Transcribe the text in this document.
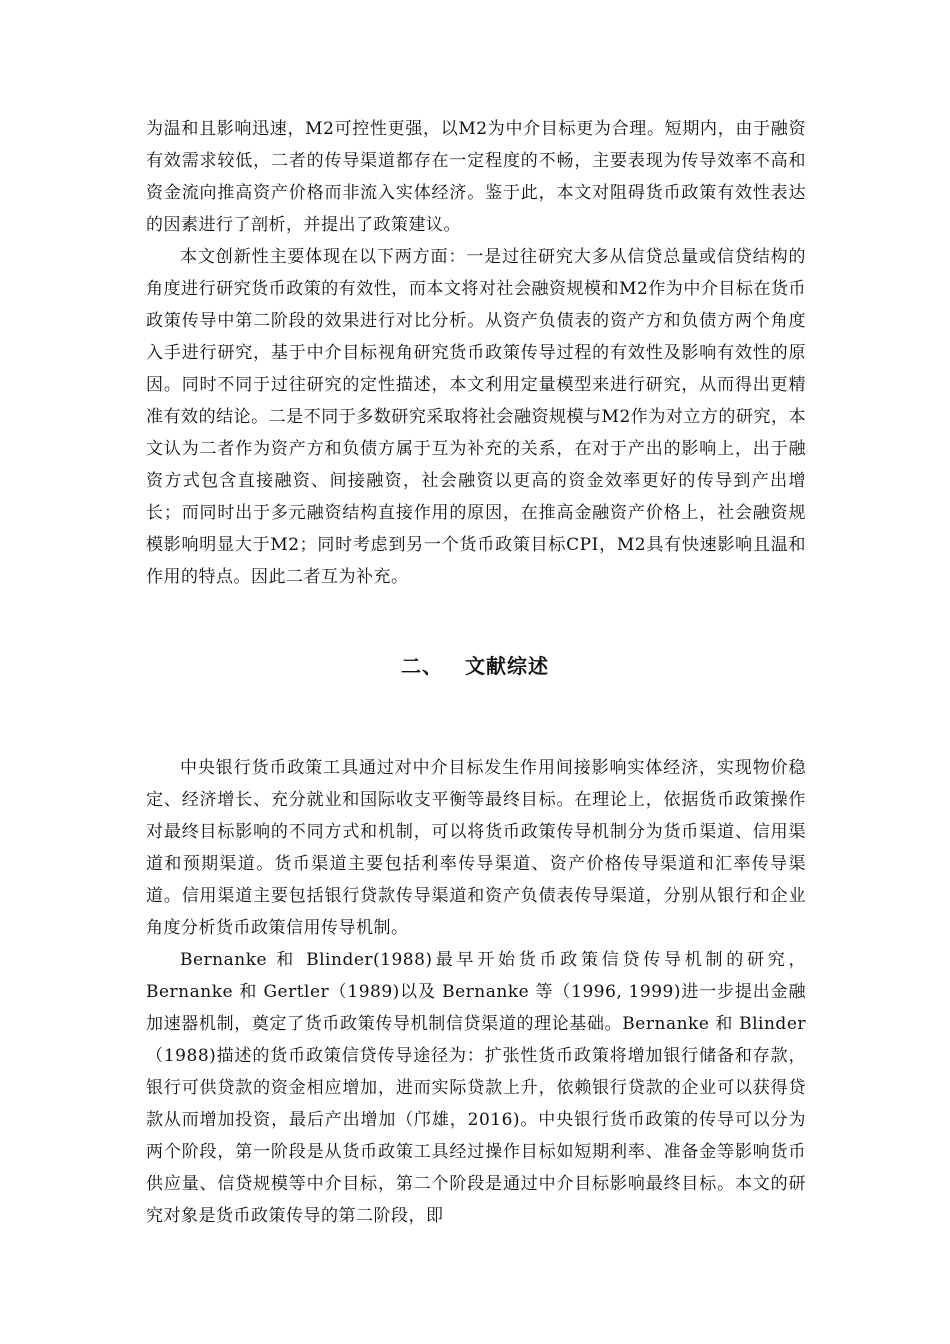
为温和且影响迅速，M2可控性更强，以M2为中介目标更为合理。短期内，由于融资有效需求较低，二者的传导渠道都存在一定程度的不畅，主要表现为传导效率不高和资金流向推高资产价格而非流入实体经济。鉴于此，本文对阻碍货币政策有效性表达的因素进行了剖析，并提出了政策建议。

本文创新性主要体现在以下两方面：一是过往研究大多从信贷总量或信贷结构的角度进行研究货币政策的有效性，而本文将对社会融资规模和M2作为中介目标在货币政策传导中第二阶段的效果进行对比分析。从资产负债表的资产方和负债方两个角度入手进行研究，基于中介目标视角研究货币政策传导过程的有效性及影响有效性的原因。同时不同于过往研究的定性描述，本文利用定量模型来进行研究，从而得出更精准有效的结论。二是不同于多数研究采取将社会融资规模与M2作为对立方的研究，本文认为二者作为资产方和负债方属于互为补充的关系，在对于产出的影响上，出于融资方式包含直接融资、间接融资，社会融资以更高的资金效率更好的传导到产出增长；而同时出于多元融资结构直接作用的原因，在推高金融资产价格上，社会融资规模影响明显大于M2；同时考虑到另一个货币政策目标CPI，M2具有快速影响且温和作用的特点。因此二者互为补充。

二、 文献综述

中央银行货币政策工具通过对中介目标发生作用间接影响实体经济，实现物价稳定、经济增长、充分就业和国际收支平衡等最终目标。在理论上，依据货币政策操作对最终目标影响的不同方式和机制，可以将货币政策传导机制分为货币渠道、信用渠道和预期渠道。货币渠道主要包括利率传导渠道、资产价格传导渠道和汇率传导渠道。信用渠道主要包括银行贷款传导渠道和资产负债表传导渠道，分别从银行和企业角度分析货币政策信用传导机制。

Bernanke 和 Blinder(1988)最早开始货币政策信贷传导机制的研究，Bernanke 和 Gertler（1989)以及 Bernanke 等（1996, 1999)进一步提出金融加速器机制，奠定了货币政策传导机制信贷渠道的理论基础。Bernanke 和 Blinder（1988)描述的货币政策信贷传导途径为：扩张性货币政策将增加银行储备和存款，银行可供贷款的资金相应增加，进而实际贷款上升，依赖银行贷款的企业可以获得贷款从而增加投资，最后产出增加（邝雄，2016)。中央银行货币政策的传导可以分为两个阶段，第一阶段是从货币政策工具经过操作目标如短期利率、准备金等影响货币供应量、信贷规模等中介目标，第二个阶段是通过中介目标影响最终目标。本文的研究对象是货币政策传导的第二阶段，即
